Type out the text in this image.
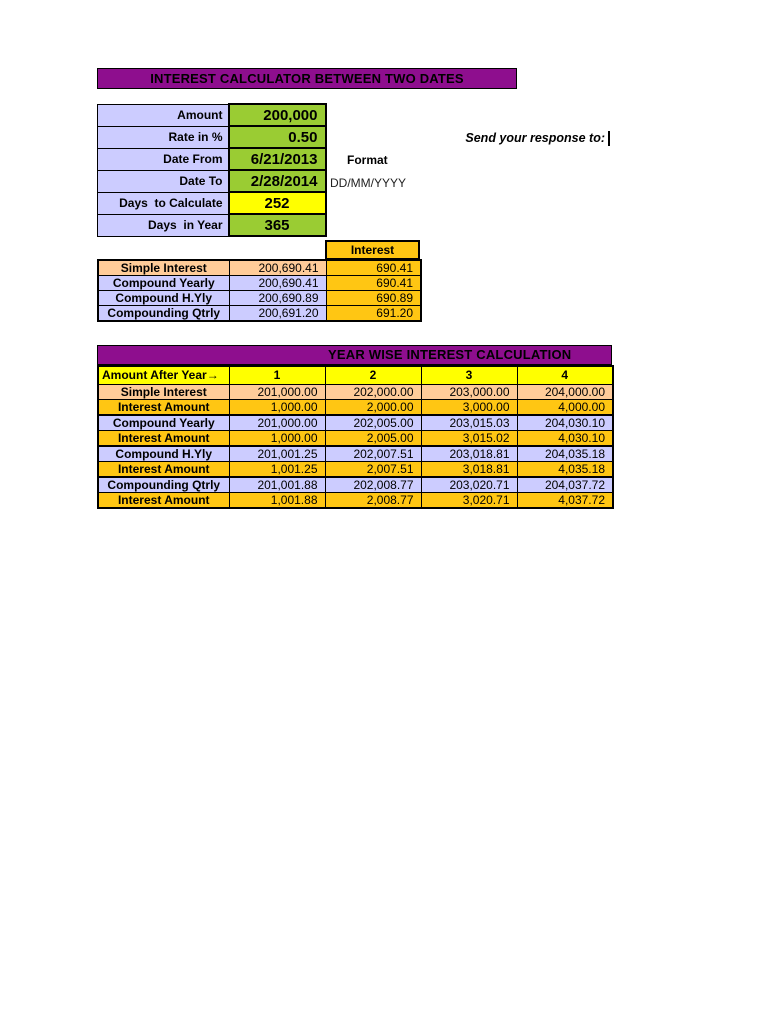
INTEREST CALCULATOR BETWEEN TWO DATES
Amount	200,000
Rate in %	0.50
Date From	6/21/2013
Date To	2/28/2014
Days  to Calculate	252
Days  in Year	365
Send your response to:
Format
DD/MM/YYYY
Interest
Simple Interest	200,690.41	690.41
Compound Yearly	200,690.41	690.41
Compound H.Yly	200,690.89	690.89
Compounding Qtrly	200,691.20	691.20
YEAR WISE INTEREST CALCULATION
Amount After Year→	1	2	3	4
Simple Interest	201,000.00	202,000.00	203,000.00	204,000.00
Interest Amount	1,000.00	2,000.00	3,000.00	4,000.00
Compound Yearly	201,000.00	202,005.00	203,015.03	204,030.10
Interest Amount	1,000.00	2,005.00	3,015.02	4,030.10
Compound H.Yly	201,001.25	202,007.51	203,018.81	204,035.18
Interest Amount	1,001.25	2,007.51	3,018.81	4,035.18
Compounding Qtrly	201,001.88	202,008.77	203,020.71	204,037.72
Interest Amount	1,001.88	2,008.77	3,020.71	4,037.72
